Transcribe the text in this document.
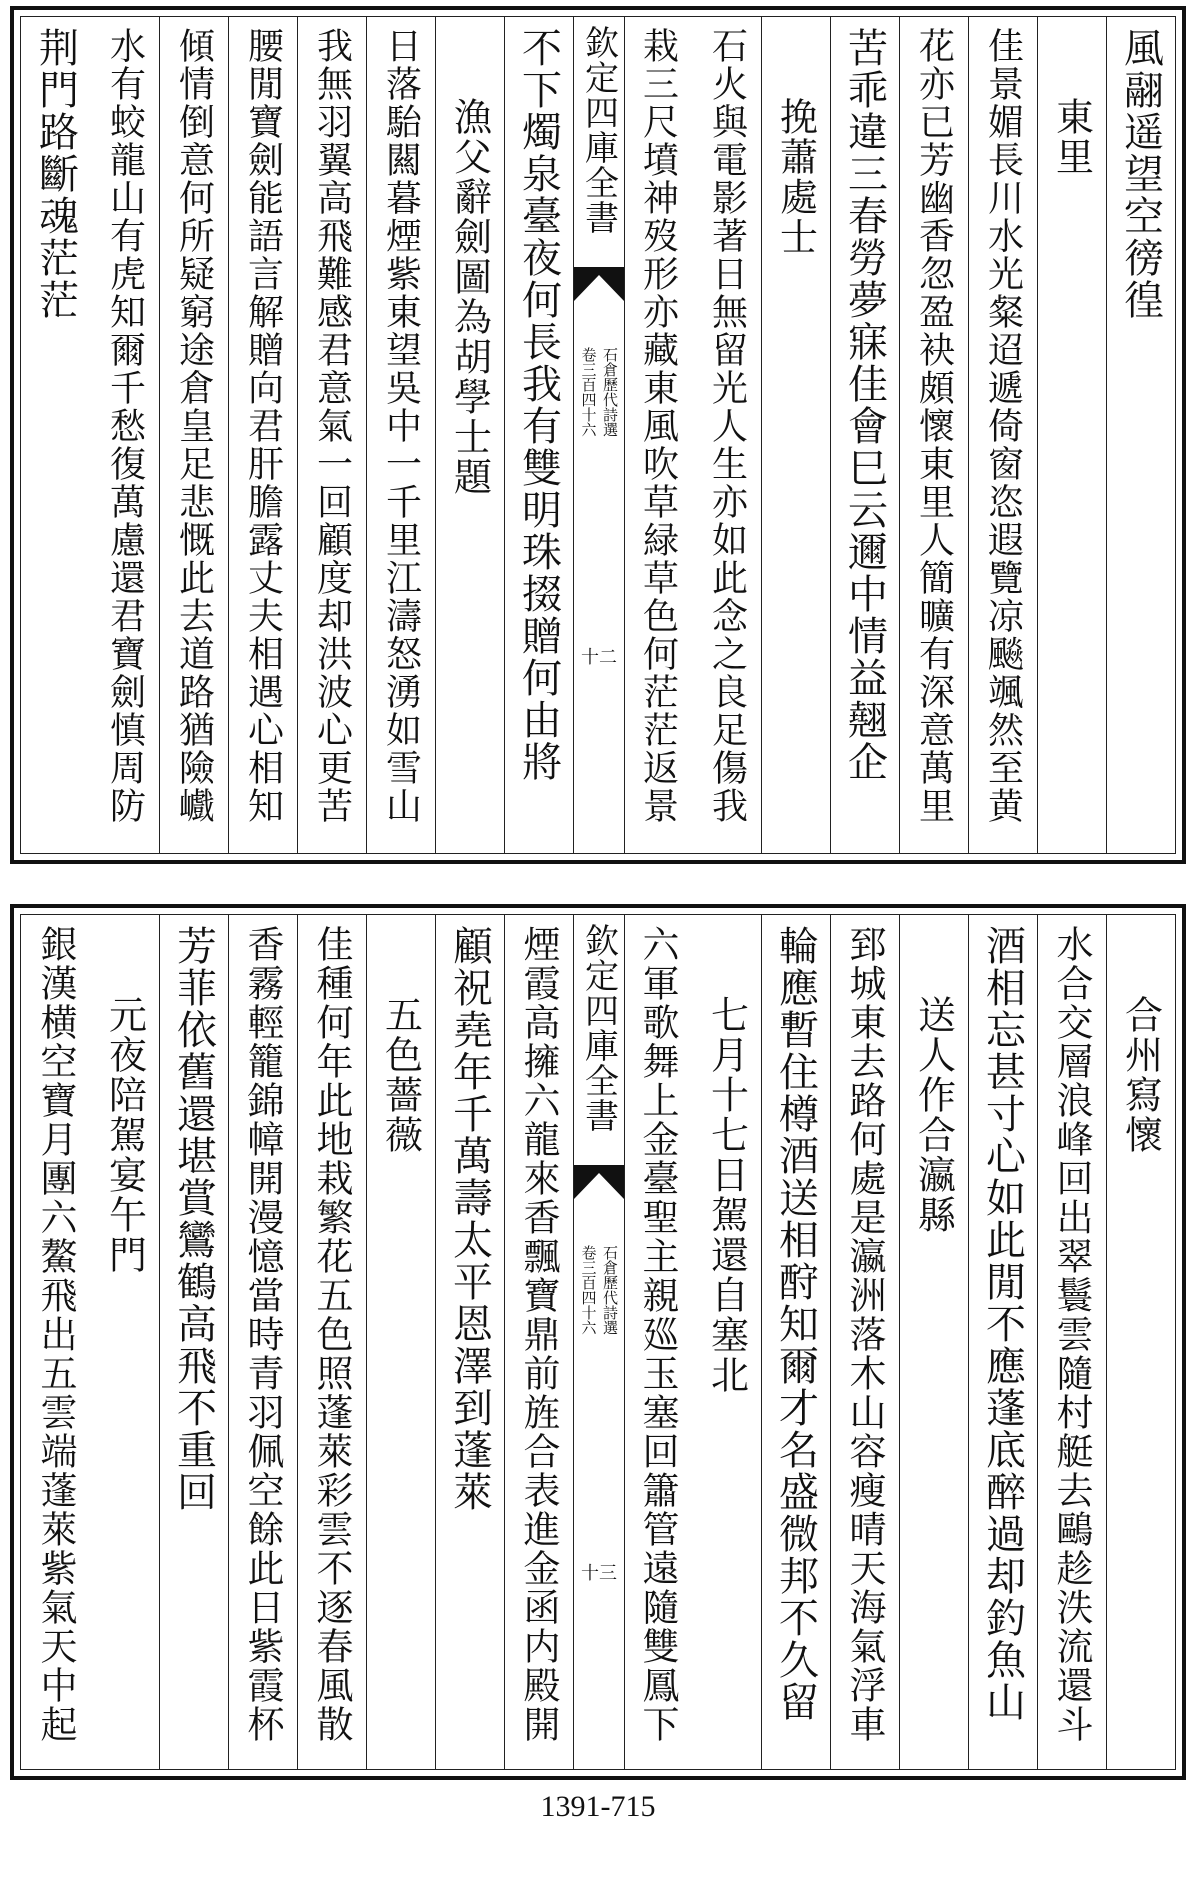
風翮遥望空徬徨
東里
佳景媚長川水光粲迢遞倚窗恣遐覽凉飈颯然至黄
花亦已芳幽香忽盈袂頗懷東里人簡曠有深意萬里
苦乖違三春勞夢寐佳會巳云邇中情益翹企
挽蕭處士
石火與電影著日無留光人生亦如此念之良足傷我
栽三尺墳神歿形亦藏東風吹草緑草色何茫茫返景
欽定四庫全書
石倉歷代詩選
卷三百四十六
十二
不下燭泉臺夜何長我有雙明珠掇贈何由將
漁父辭劍圖為胡學士題
日落駘闗暮煙紫東望吳中一千里江濤怒湧如雪山
我無羽翼高飛難感君意氣一回顧度却洪波心更苦
腰閒寶劍能語言解贈向君肝膽露丈夫相遇心相知
傾情倒意何所疑窮途倉皇足悲慨此去道路猶險巇
水有蛟龍山有虎知爾千愁復萬慮還君寶劍慎周防
荆門路斷魂茫茫
合州寫懷
水合交層浪峰回出翠鬟雲隨村艇去鷗趁泆流還斗
酒相忘甚寸心如此閒不應蓬底醉過却釣魚山
送人作合瀛縣
郅城東去路何處是瀛洲落木山容瘦晴天海氣浮車
輪應暫住樽酒送相酧知爾才名盛微邦不久留
七月十七日駕還自塞北
六軍歌舞上金臺聖主親廵玉塞回簫管遠隨雙鳳下
欽定四庫全書
石倉歷代詩選
卷三百四十六
十三
煙霞高擁六龍來香飄寶鼎前旌合表進金函内殿開
顧祝堯年千萬壽太平恩澤到蓬萊
五色薔薇
佳種何年此地栽繁花五色照蓬萊彩雲不逐春風散
香霧輕籠錦幛開漫憶當時青羽佩空餘此日紫霞杯
芳菲依舊還堪賞鸞鶴高飛不重回
元夜陪駕宴午門
銀漢横空寶月團六鰲飛出五雲端蓬萊紫氣天中起
1391-715
